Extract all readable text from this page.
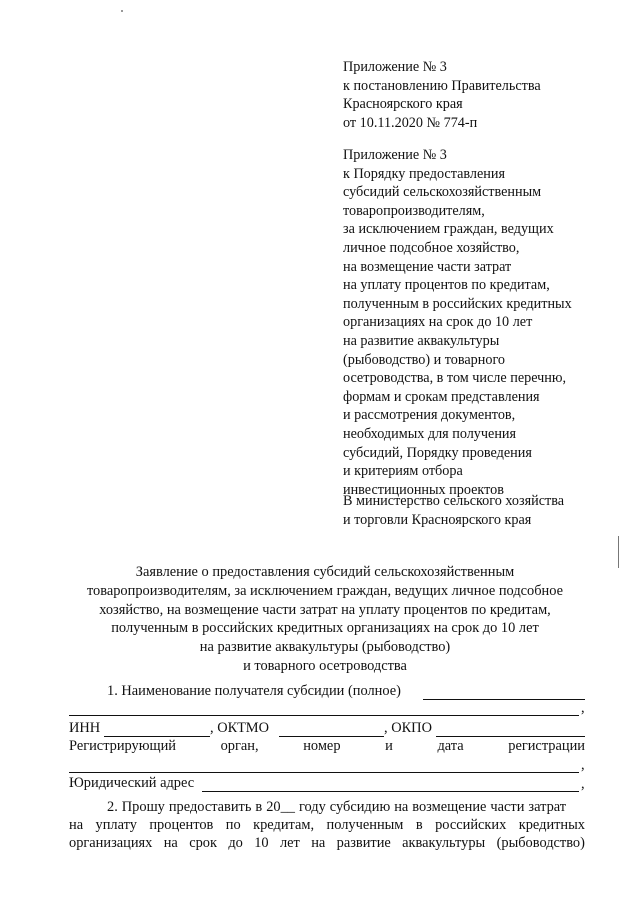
Приложение № 3
к постановлению Правительства
Красноярского края
от 10.11.2020 № 774-п
Приложение № 3
к Порядку предоставления
субсидий сельскохозяйственным
товаропроизводителям,
за исключением граждан, ведущих
личное подсобное хозяйство,
на возмещение части затрат
на уплату процентов по кредитам,
полученным в российских кредитных
организациях на срок до 10 лет
на развитие аквакультуры
(рыбоводство) и товарного
осетроводства, в том числе перечню,
формам и срокам представления
и рассмотрения документов,
необходимых для получения
субсидий, Порядку проведения
и критериям отбора
инвестиционных проектов
В министерство сельского хозяйства
и торговли Красноярского края
Заявление о предоставления субсидий сельскохозяйственным
товаропроизводителям, за исключением граждан, ведущих личное подсобное
хозяйство, на возмещение части затрат на уплату процентов по кредитам,
полученным в российских кредитных организациях на срок до 10 лет
на развитие аквакультуры (рыбоводство)
и товарного осетроводства
1. Наименование получателя субсидии (полное)
,
ИНН	, ОКТМО	, ОКПО
Регистрирующий	орган,	номер	и	дата	регистрации
,
Юридический адрес	,
2. Прошу предоставить в 20__ году субсидию на возмещение части затрат
на уплату процентов по кредитам, полученным в российских кредитных
организациях на срок до 10 лет на развитие аквакультуры (рыбоводство)
